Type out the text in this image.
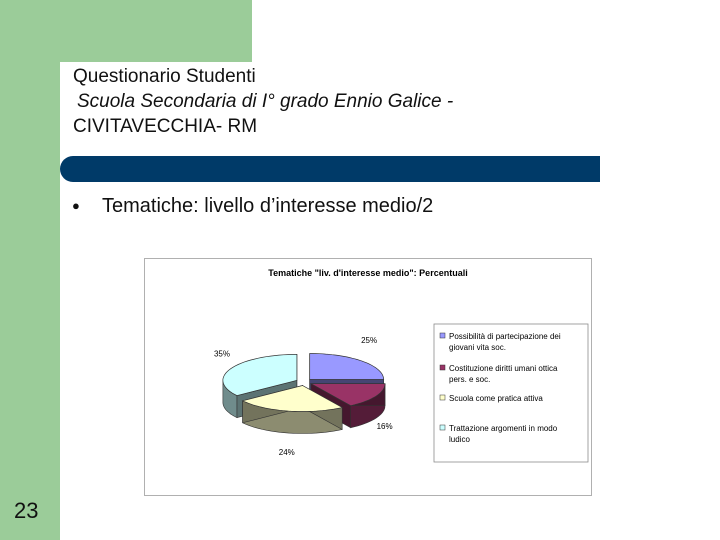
Questionario Studenti
Scuola Secondaria di I° grado Ennio Galice -
CIVITAVECCHIA- RM
● Tematiche: livello d’interesse medio/2
Tematiche "liv. d'interesse medio": Percentuali
25%
16%
24%
35%
Possibilità di partecipazione dei
giovani vita soc.
Costituzione diritti umani ottica
pers. e soc.
Scuola come pratica attiva
Trattazione argomenti in modo
ludico
23
